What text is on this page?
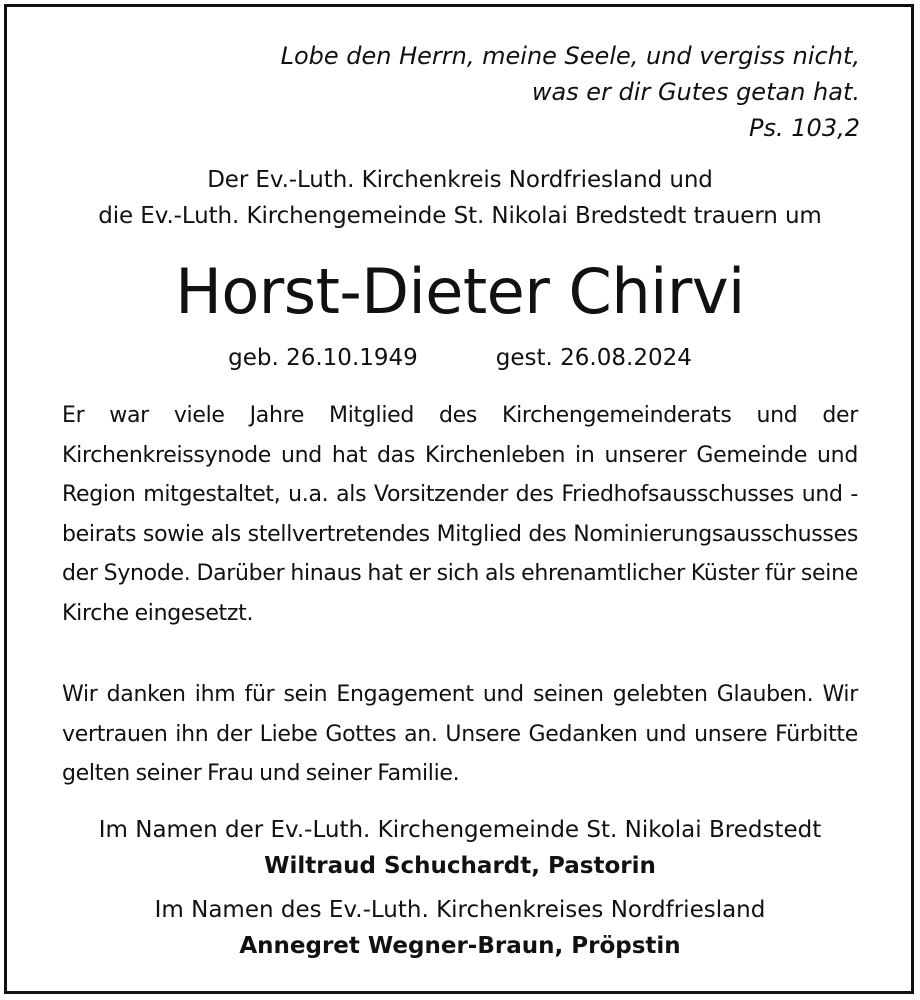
Lobe den Herrn, meine Seele, und vergiss nicht,
was er dir Gutes getan hat.
Ps. 103,2
Der Ev.-Luth. Kirchenkreis Nordfriesland und
die Ev.-Luth. Kirchengemeinde St. Nikolai Bredstedt trauern um
Horst-Dieter Chirvi
geb. 26.10.1949	gest. 26.08.2024
Er war viele Jahre Mitglied des Kirchengemeinderats und der Kirchenkreissynode und hat das Kirchenleben in unserer Gemeinde und Region mitgestaltet, u.a. als Vorsitzender des Friedhofsausschusses und -beirats sowie als stellvertretendes Mitglied des Nominierungsausschusses der Synode. Darüber hinaus hat er sich als ehrenamtlicher Küster für seine Kirche eingesetzt.
Wir danken ihm für sein Engagement und seinen gelebten Glauben. Wir vertrauen ihn der Liebe Gottes an. Unsere Gedanken und unsere Fürbitte gelten seiner Frau und seiner Familie.
Im Namen der Ev.-Luth. Kirchengemeinde St. Nikolai Bredstedt
Wiltraud Schuchardt, Pastorin
Im Namen des Ev.-Luth. Kirchenkreises Nordfriesland
Annegret Wegner-Braun, Pröpstin
